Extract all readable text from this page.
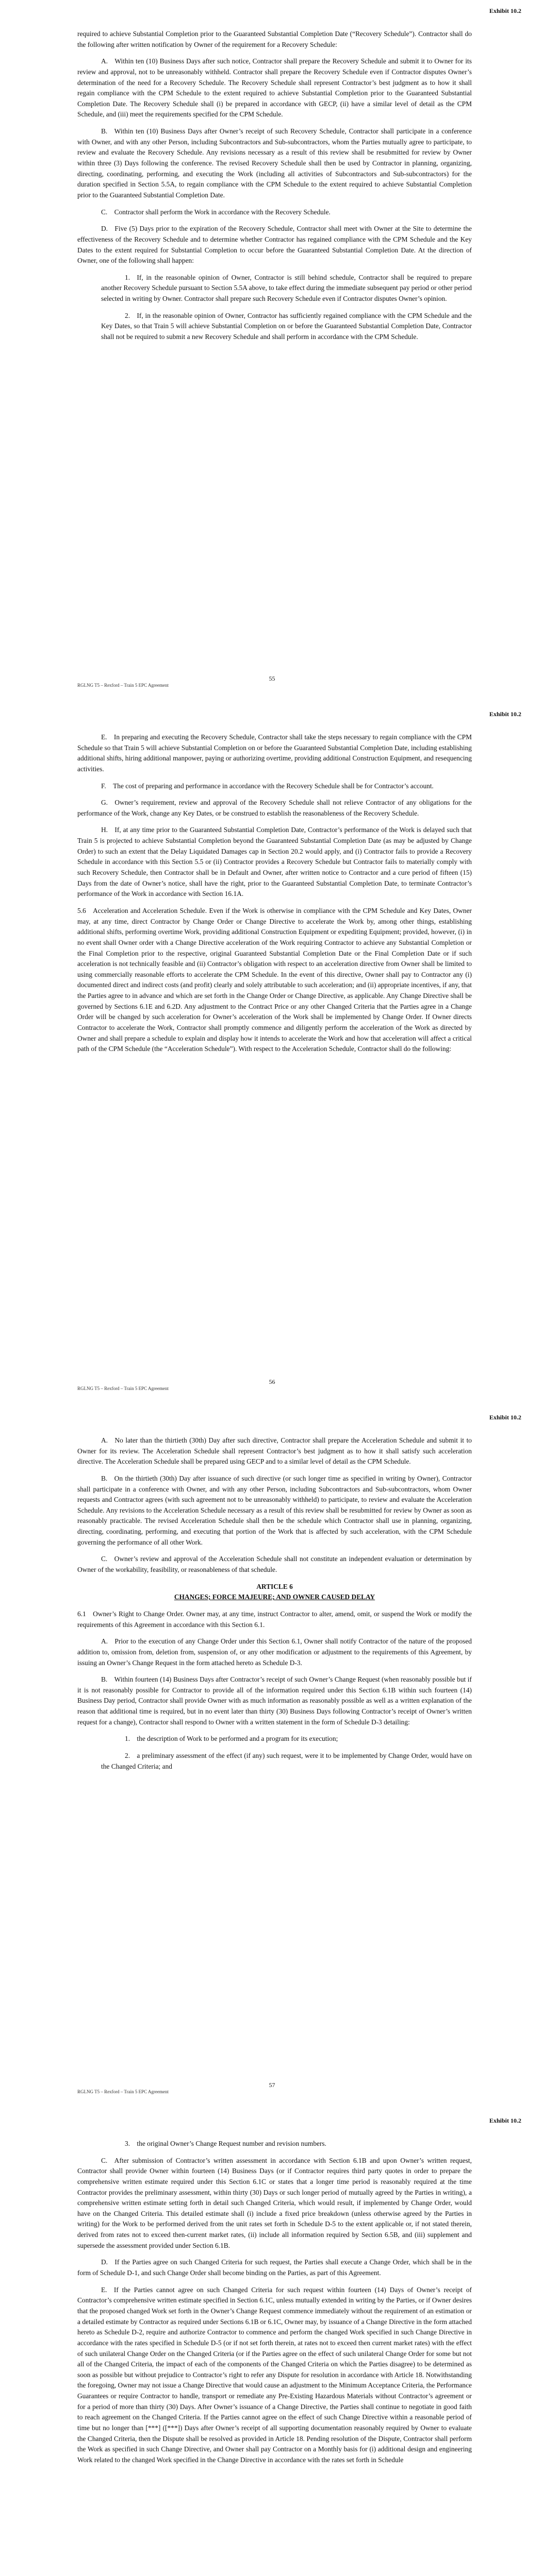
Exhibit 10.2

required to achieve Substantial Completion prior to the Guaranteed Substantial Completion Date (“Recovery Schedule”). Contractor shall do the following after written notification by Owner of the requirement for a Recovery Schedule:

A. Within ten (10) Business Days after such notice, Contractor shall prepare the Recovery Schedule and submit it to Owner for its review and approval, not to be unreasonably withheld. Contractor shall prepare the Recovery Schedule even if Contractor disputes Owner’s determination of the need for a Recovery Schedule. The Recovery Schedule shall represent Contractor’s best judgment as to how it shall regain compliance with the CPM Schedule to the extent required to achieve Substantial Completion prior to the Guaranteed Substantial Completion Date. The Recovery Schedule shall (i) be prepared in accordance with GECP, (ii) have a similar level of detail as the CPM Schedule, and (iii) meet the requirements specified for the CPM Schedule.

B. Within ten (10) Business Days after Owner’s receipt of such Recovery Schedule, Contractor shall participate in a conference with Owner, and with any other Person, including Subcontractors and Sub-subcontractors, whom the Parties mutually agree to participate, to review and evaluate the Recovery Schedule. Any revisions necessary as a result of this review shall be resubmitted for review by Owner within three (3) Days following the conference. The revised Recovery Schedule shall then be used by Contractor in planning, organizing, directing, coordinating, performing, and executing the Work (including all activities of Subcontractors and Sub-subcontractors) for the duration specified in Section 5.5A, to regain compliance with the CPM Schedule to the extent required to achieve Substantial Completion prior to the Guaranteed Substantial Completion Date.

C. Contractor shall perform the Work in accordance with the Recovery Schedule.

D. Five (5) Days prior to the expiration of the Recovery Schedule, Contractor shall meet with Owner at the Site to determine the effectiveness of the Recovery Schedule and to determine whether Contractor has regained compliance with the CPM Schedule and the Key Dates to the extent required for Substantial Completion to occur before the Guaranteed Substantial Completion Date. At the direction of Owner, one of the following shall happen:

1. If, in the reasonable opinion of Owner, Contractor is still behind schedule, Contractor shall be required to prepare another Recovery Schedule pursuant to Section 5.5A above, to take effect during the immediate subsequent pay period or other period selected in writing by Owner. Contractor shall prepare such Recovery Schedule even if Contractor disputes Owner’s opinion.

2. If, in the reasonable opinion of Owner, Contractor has sufficiently regained compliance with the CPM Schedule and the Key Dates, so that Train 5 will achieve Substantial Completion on or before the Guaranteed Substantial Completion Date, Contractor shall not be required to submit a new Recovery Schedule and shall perform in accordance with the CPM Schedule.

55
RGLNG T5 – Rexford – Train 5 EPC Agreement
Exhibit 10.2

E. In preparing and executing the Recovery Schedule, Contractor shall take the steps necessary to regain compliance with the CPM Schedule so that Train 5 will achieve Substantial Completion on or before the Guaranteed Substantial Completion Date, including establishing additional shifts, hiring additional manpower, paying or authorizing overtime, providing additional Construction Equipment, and resequencing activities.

F. The cost of preparing and performance in accordance with the Recovery Schedule shall be for Contractor’s account.

G. Owner’s requirement, review and approval of the Recovery Schedule shall not relieve Contractor of any obligations for the performance of the Work, change any Key Dates, or be construed to establish the reasonableness of the Recovery Schedule.

H. If, at any time prior to the Guaranteed Substantial Completion Date, Contractor’s performance of the Work is delayed such that Train 5 is projected to achieve Substantial Completion beyond the Guaranteed Substantial Completion Date (as may be adjusted by Change Order) to such an extent that the Delay Liquidated Damages cap in Section 20.2 would apply, and (i) Contractor fails to provide a Recovery Schedule in accordance with this Section 5.5 or (ii) Contractor provides a Recovery Schedule but Contractor fails to materially comply with such Recovery Schedule, then Contractor shall be in Default and Owner, after written notice to Contractor and a cure period of fifteen (15) Days from the date of Owner’s notice, shall have the right, prior to the Guaranteed Substantial Completion Date, to terminate Contractor’s performance of the Work in accordance with Section 16.1A.

5.6 Acceleration and Acceleration Schedule. Even if the Work is otherwise in compliance with the CPM Schedule and Key Dates, Owner may, at any time, direct Contractor by Change Order or Change Directive to accelerate the Work by, among other things, establishing additional shifts, performing overtime Work, providing additional Construction Equipment or expediting Equipment; provided, however, (i) in no event shall Owner order with a Change Directive acceleration of the Work requiring Contractor to achieve any Substantial Completion or the Final Completion prior to the respective, original Guaranteed Substantial Completion Date or the Final Completion Date or if such acceleration is not technically feasible and (ii) Contractor’s obligation with respect to an acceleration directive from Owner shall be limited to using commercially reasonable efforts to accelerate the CPM Schedule. In the event of this directive, Owner shall pay to Contractor any (i) documented direct and indirect costs (and profit) clearly and solely attributable to such acceleration; and (ii) appropriate incentives, if any, that the Parties agree to in advance and which are set forth in the Change Order or Change Directive, as applicable. Any Change Directive shall be governed by Sections 6.1E and 6.2D. Any adjustment to the Contract Price or any other Changed Criteria that the Parties agree in a Change Order will be changed by such acceleration for Owner’s acceleration of the Work shall be implemented by Change Order. If Owner directs Contractor to accelerate the Work, Contractor shall promptly commence and diligently perform the acceleration of the Work as directed by Owner and shall prepare a schedule to explain and display how it intends to accelerate the Work and how that acceleration will affect a critical path of the CPM Schedule (the “Acceleration Schedule”). With respect to the Acceleration Schedule, Contractor shall do the following:

56
RGLNG T5 – Rexford – Train 5 EPC Agreement
Exhibit 10.2

A. No later than the thirtieth (30th) Day after such directive, Contractor shall prepare the Acceleration Schedule and submit it to Owner for its review. The Acceleration Schedule shall represent Contractor’s best judgment as to how it shall satisfy such acceleration directive. The Acceleration Schedule shall be prepared using GECP and to a similar level of detail as the CPM Schedule.

B. On the thirtieth (30th) Day after issuance of such directive (or such longer time as specified in writing by Owner), Contractor shall participate in a conference with Owner, and with any other Person, including Subcontractors and Sub-subcontractors, whom Owner requests and Contractor agrees (with such agreement not to be unreasonably withheld) to participate, to review and evaluate the Acceleration Schedule. Any revisions to the Acceleration Schedule necessary as a result of this review shall be resubmitted for review by Owner as soon as reasonably practicable. The revised Acceleration Schedule shall then be the schedule which Contractor shall use in planning, organizing, directing, coordinating, performing, and executing that portion of the Work that is affected by such acceleration, with the CPM Schedule governing the performance of all other Work.

C. Owner’s review and approval of the Acceleration Schedule shall not constitute an independent evaluation or determination by Owner of the workability, feasibility, or reasonableness of that schedule.

ARTICLE 6

CHANGES; FORCE MAJEURE; AND OWNER CAUSED DELAY

6.1 Owner’s Right to Change Order. Owner may, at any time, instruct Contractor to alter, amend, omit, or suspend the Work or modify the requirements of this Agreement in accordance with this Section 6.1.

A. Prior to the execution of any Change Order under this Section 6.1, Owner shall notify Contractor of the nature of the proposed addition to, omission from, deletion from, suspension of, or any other modification or adjustment to the requirements of this Agreement, by issuing an Owner’s Change Request in the form attached hereto as Schedule D-3.

B. Within fourteen (14) Business Days after Contractor’s receipt of such Owner’s Change Request (when reasonably possible but if it is not reasonably possible for Contractor to provide all of the information required under this Section 6.1B within such fourteen (14) Business Day period, Contractor shall provide Owner with as much information as reasonably possible as well as a written explanation of the reason that additional time is required, but in no event later than thirty (30) Business Days following Contractor’s receipt of Owner’s written request for a change), Contractor shall respond to Owner with a written statement in the form of Schedule D-3 detailing:

1. the description of Work to be performed and a program for its execution;

2. a preliminary assessment of the effect (if any) such request, were it to be implemented by Change Order, would have on the Changed Criteria; and

57
RGLNG T5 – Rexford – Train 5 EPC Agreement
Exhibit 10.2

3. the original Owner’s Change Request number and revision numbers.

C. After submission of Contractor’s written assessment in accordance with Section 6.1B and upon Owner’s written request, Contractor shall provide Owner within fourteen (14) Business Days (or if Contractor requires third party quotes in order to prepare the comprehensive written estimate required under this Section 6.1C or states that a longer time period is reasonably required at the time Contractor provides the preliminary assessment, within thirty (30) Days or such longer period of mutually agreed by the Parties in writing), a comprehensive written estimate setting forth in detail such Changed Criteria, which would result, if implemented by Change Order, would have on the Changed Criteria. This detailed estimate shall (i) include a fixed price breakdown (unless otherwise agreed by the Parties in writing) for the Work to be performed derived from the unit rates set forth in Schedule D-5 to the extent applicable or, if not stated therein, derived from rates not to exceed then-current market rates, (ii) include all information required by Section 6.5B, and (iii) supplement and supersede the assessment provided under Section 6.1B.

D. If the Parties agree on such Changed Criteria for such request, the Parties shall execute a Change Order, which shall be in the form of Schedule D-1, and such Change Order shall become binding on the Parties, as part of this Agreement.

E. If the Parties cannot agree on such Changed Criteria for such request within fourteen (14) Days of Owner’s receipt of Contractor’s comprehensive written estimate specified in Section 6.1C, unless mutually extended in writing by the Parties, or if Owner desires that the proposed changed Work set forth in the Owner’s Change Request commence immediately without the requirement of an estimation or a detailed estimate by Contractor as required under Sections 6.1B or 6.1C, Owner may, by issuance of a Change Directive in the form attached hereto as Schedule D-2, require and authorize Contractor to commence and perform the changed Work specified in such Change Directive in accordance with the rates specified in Schedule D-5 (or if not set forth therein, at rates not to exceed then current market rates) with the effect of such unilateral Change Order on the Changed Criteria (or if the Parties agree on the effect of such unilateral Change Order for some but not all of the Changed Criteria, the impact of each of the components of the Changed Criteria on which the Parties disagree) to be determined as soon as possible but without prejudice to Contractor’s right to refer any Dispute for resolution in accordance with Article 18. Notwithstanding the foregoing, Owner may not issue a Change Directive that would cause an adjustment to the Minimum Acceptance Criteria, the Performance Guarantees or require Contractor to handle, transport or remediate any Pre-Existing Hazardous Materials without Contractor’s agreement or for a period of more than thirty (30) Days. After Owner’s issuance of a Change Directive, the Parties shall continue to negotiate in good faith to reach agreement on the Changed Criteria. If the Parties cannot agree on the effect of such Change Directive within a reasonable period of time but no longer than [***] ([***]) Days after Owner’s receipt of all supporting documentation reasonably required by Owner to evaluate the Changed Criteria, then the Dispute shall be resolved as provided in Article 18. Pending resolution of the Dispute, Contractor shall perform the Work as specified in such Change Directive, and Owner shall pay Contractor on a Monthly basis for (i) additional design and engineering Work related to the changed Work specified in the Change Directive in accordance with the rates set forth in Schedule
